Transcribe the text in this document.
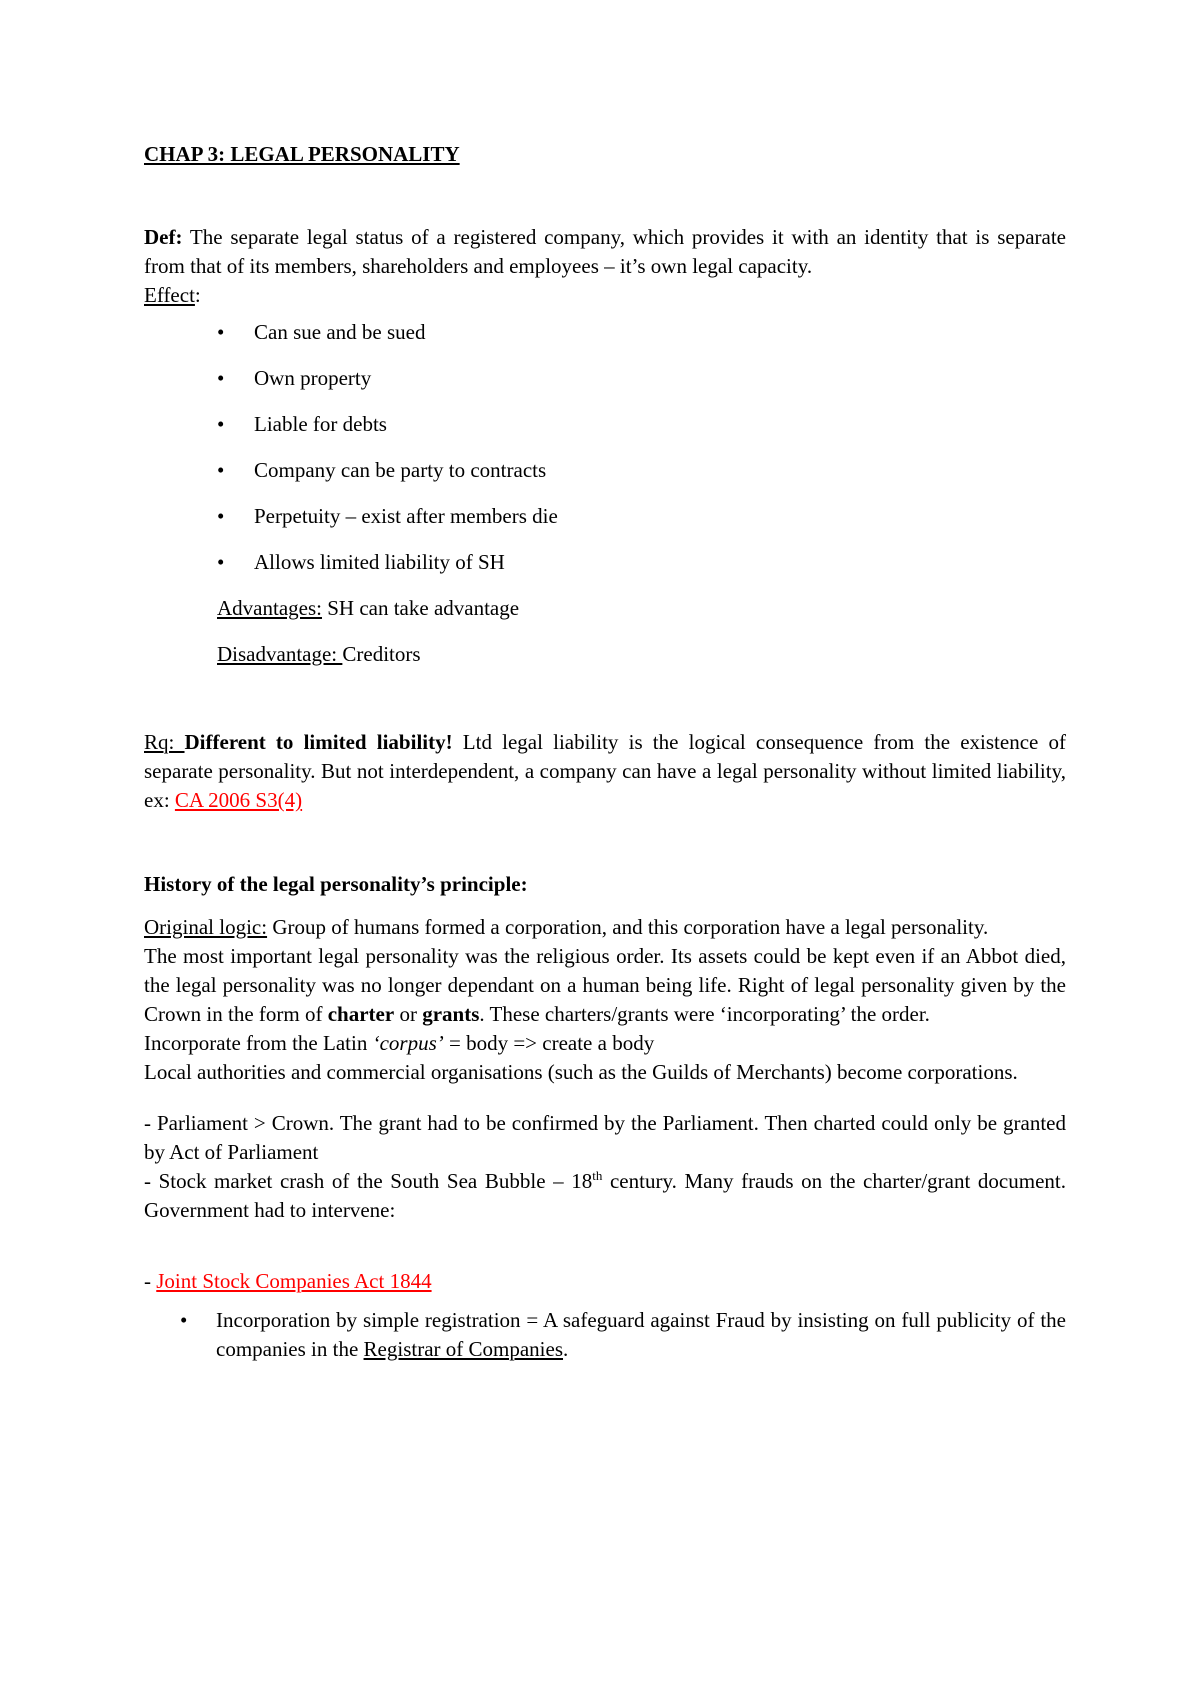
CHAP 3: LEGAL PERSONALITY

Def: The separate legal status of a registered company, which provides it with an identity that is separate from that of its members, shareholders and employees – it’s own legal capacity.
Effect:

• Can sue and be sued
• Own property
• Liable for debts
• Company can be party to contracts
• Perpetuity – exist after members die
• Allows limited liability of SH

Advantages: SH can take advantage

Disadvantage: Creditors

Rq: Different to limited liability! Ltd legal liability is the logical consequence from the existence of separate personality. But not interdependent, a company can have a legal personality without limited liability, ex: CA 2006 S3(4)

History of the legal personality’s principle:

Original logic: Group of humans formed a corporation, and this corporation have a legal personality.

The most important legal personality was the religious order. Its assets could be kept even if an Abbot died, the legal personality was no longer dependant on a human being life. Right of legal personality given by the Crown in the form of charter or grants. These charters/grants were ‘incorporating’ the order.

Incorporate from the Latin ‘corpus’ = body => create a body

Local authorities and commercial organisations (such as the Guilds of Merchants) become corporations.

- Parliament > Crown. The grant had to be confirmed by the Parliament. Then charted could only be granted by Act of Parliament

- Stock market crash of the South Sea Bubble – 18th century. Many frauds on the charter/grant document. Government had to intervene:

- Joint Stock Companies Act 1844

• Incorporation by simple registration = A safeguard against Fraud by insisting on full publicity of the companies in the Registrar of Companies.
